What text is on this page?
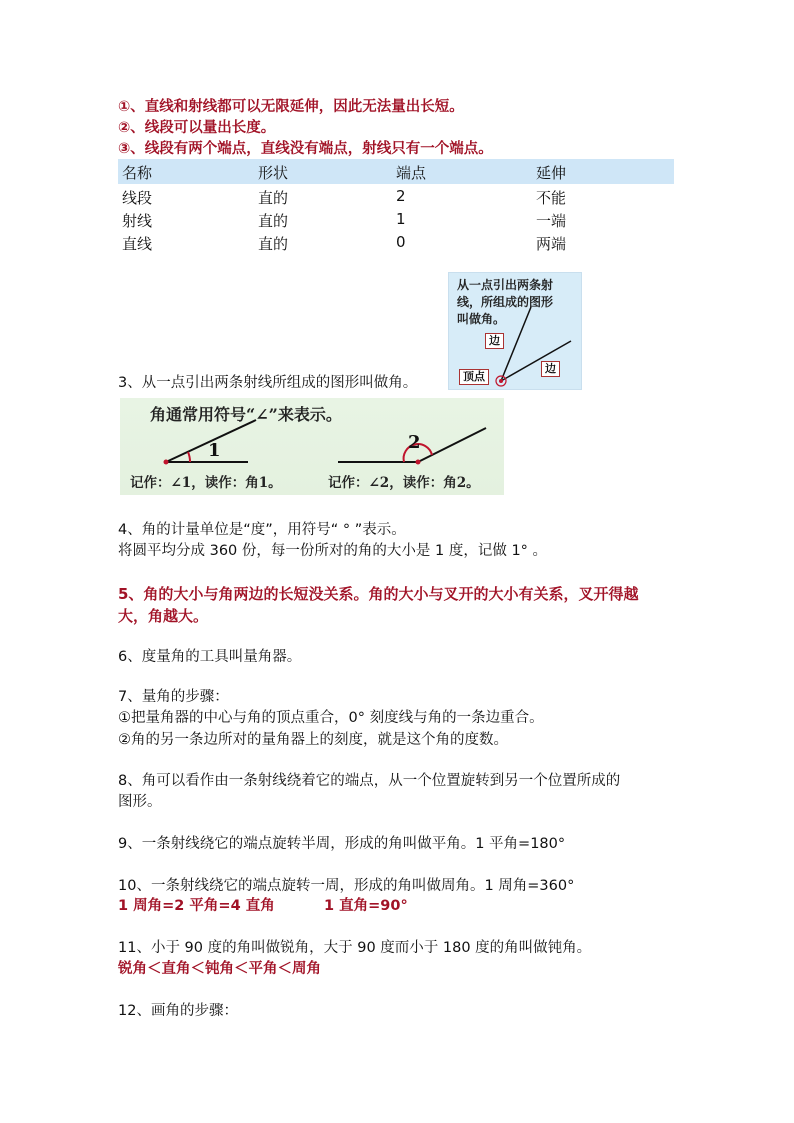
①、直线和射线都可以无限延伸，因此无法量出长短。
②、线段可以量出长度。
③、线段有两个端点，直线没有端点，射线只有一个端点。
名称	形状	端点	延伸
线段	直的	2	不能
射线	直的	1	一端
直线	直的	0	两端
从一点引出两条射
线，所组成的图形
叫做角。
边
边
顶点
3、从一点引出两条射线所组成的图形叫做角。
角通常用符号“∠”来表示。
1	2
记作：∠1，读作：角1。	记作：∠2，读作：角2。
4、角的计量单位是“度”，用符号“ ° ”表示。
将圆平均分成 360 份，每一份所对的角的大小是 1 度，记做 1° 。
5、角的大小与角两边的长短没关系。角的大小与叉开的大小有关系，叉开得越
大，角越大。
6、度量角的工具叫量角器。
7、量角的步骤：
①把量角器的中心与角的顶点重合，0° 刻度线与角的一条边重合。
②角的另一条边所对的量角器上的刻度，就是这个角的度数。
8、角可以看作由一条射线绕着它的端点，从一个位置旋转到另一个位置所成的
图形。
9、一条射线绕它的端点旋转半周，形成的角叫做平角。1 平角=180°
10、一条射线绕它的端点旋转一周，形成的角叫做周角。1 周角=360°
1 周角=2 平角=4 直角	1 直角=90°
11、小于 90 度的角叫做锐角，大于 90 度而小于 180 度的角叫做钝角。
锐角＜直角＜钝角＜平角＜周角
12、画角的步骤：
